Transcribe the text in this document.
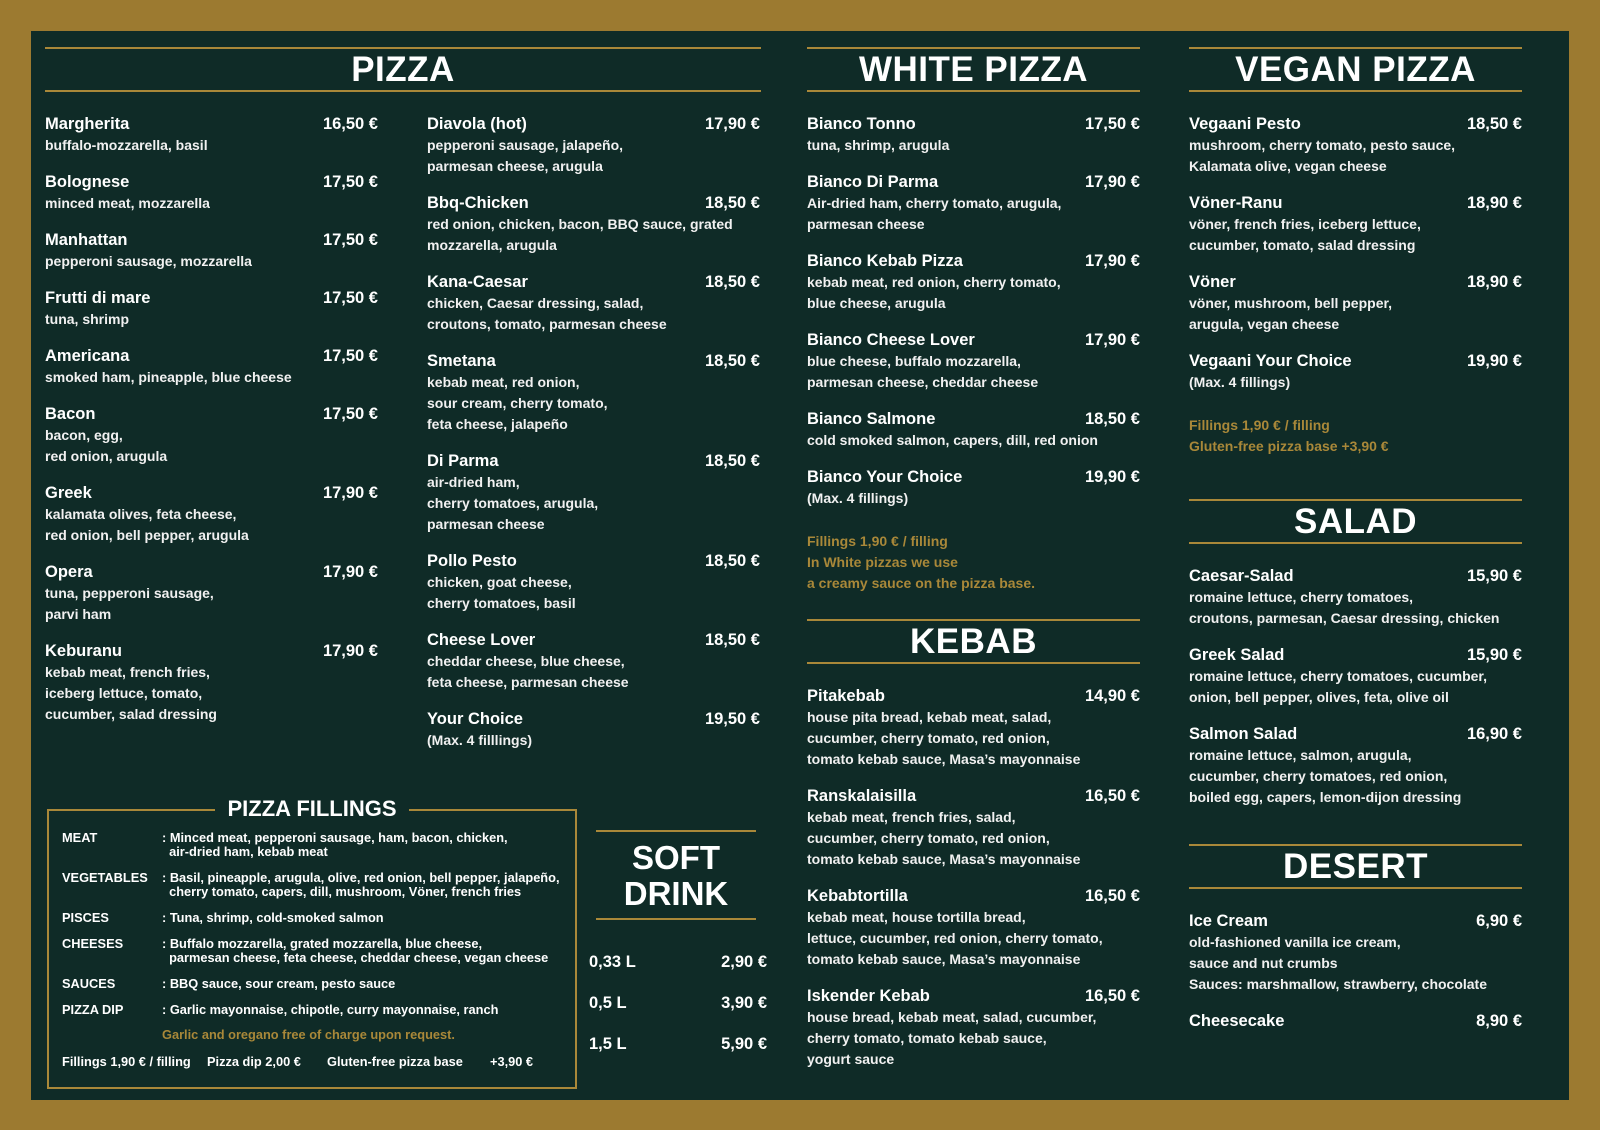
PIZZA
Margherita	16,50 €
buffalo-mozzarella, basil
Bolognese	17,50 €
minced meat, mozzarella
Manhattan	17,50 €
pepperoni sausage, mozzarella
Frutti di mare	17,50 €
tuna, shrimp
Americana	17,50 €
smoked ham, pineapple, blue cheese
Bacon	17,50 €
bacon, egg,
red onion, arugula
Greek	17,90 €
kalamata olives, feta cheese,
red onion, bell pepper, arugula
Opera	17,90 €
tuna, pepperoni sausage,
parvi ham
Keburanu	17,90 €
kebab meat, french fries,
iceberg lettuce, tomato,
cucumber, salad dressing
Diavola (hot)	17,90 €
pepperoni sausage, jalapeño,
parmesan cheese, arugula
Bbq-Chicken	18,50 €
red onion, chicken, bacon, BBQ sauce, grated
mozzarella, arugula
Kana-Caesar	18,50 €
chicken, Caesar dressing, salad,
croutons, tomato, parmesan cheese
Smetana	18,50 €
kebab meat, red onion,
sour cream, cherry tomato,
feta cheese, jalapeño
Di Parma	18,50 €
air-dried ham,
cherry tomatoes, arugula,
parmesan cheese
Pollo Pesto	18,50 €
chicken, goat cheese,
cherry tomatoes, basil
Cheese Lover	18,50 €
cheddar cheese, blue cheese,
feta cheese, parmesan cheese
Your Choice	19,50 €
(Max. 4 filllings)
PIZZA FILLINGS
MEAT	: Minced meat, pepperoni sausage, ham, bacon, chicken,
air-dried ham, kebab meat
VEGETABLES	: Basil, pineapple, arugula, olive, red onion, bell pepper, jalapeño,
cherry tomato, capers, dill, mushroom, Vöner, french fries
PISCES	: Tuna, shrimp, cold-smoked salmon
CHEESES	: Buffalo mozzarella, grated mozzarella, blue cheese,
parmesan cheese, feta cheese, cheddar cheese, vegan cheese
SAUCES	: BBQ sauce, sour cream, pesto sauce
PIZZA DIP	: Garlic mayonnaise, chipotle, curry mayonnaise, ranch
Garlic and oregano free of charge upon request.
Fillings 1,90 € / filling	Pizza dip 2,00 €	Gluten-free pizza base	+3,90 €
SOFT
DRINK
0,33 L	2,90 €
0,5 L	3,90 €
1,5 L	5,90 €
WHITE PIZZA
Bianco Tonno	17,50 €
tuna, shrimp, arugula
Bianco Di Parma	17,90 €
Air-dried ham, cherry tomato, arugula,
parmesan cheese
Bianco Kebab Pizza	17,90 €
kebab meat, red onion, cherry tomato,
blue cheese, arugula
Bianco Cheese Lover	17,90 €
blue cheese, buffalo mozzarella,
parmesan cheese, cheddar cheese
Bianco Salmone	18,50 €
cold smoked salmon, capers, dill, red onion
Bianco Your Choice	19,90 €
(Max. 4 fillings)
Fillings 1,90 € / filling
In White pizzas we use
a creamy sauce on the pizza base.
KEBAB
Pitakebab	14,90 €
house pita bread, kebab meat, salad,
cucumber, cherry tomato, red onion,
tomato kebab sauce, Masa’s mayonnaise
Ranskalaisilla	16,50 €
kebab meat, french fries, salad,
cucumber, cherry tomato, red onion,
tomato kebab sauce, Masa’s mayonnaise
Kebabtortilla	16,50 €
kebab meat, house tortilla bread,
lettuce, cucumber, red onion, cherry tomato,
tomato kebab sauce, Masa’s mayonnaise
Iskender Kebab	16,50 €
house bread, kebab meat, salad, cucumber,
cherry tomato, tomato kebab sauce,
yogurt sauce
VEGAN PIZZA
Vegaani Pesto	18,50 €
mushroom, cherry tomato, pesto sauce,
Kalamata olive, vegan cheese
Vöner-Ranu	18,90 €
vöner, french fries, iceberg lettuce,
cucumber, tomato, salad dressing
Vöner	18,90 €
vöner, mushroom, bell pepper,
arugula, vegan cheese
Vegaani Your Choice	19,90 €
(Max. 4 fillings)
Fillings 1,90 € / filling
Gluten-free pizza base +3,90 €
SALAD
Caesar-Salad	15,90 €
romaine lettuce, cherry tomatoes,
croutons, parmesan, Caesar dressing, chicken
Greek Salad	15,90 €
romaine lettuce, cherry tomatoes, cucumber,
onion, bell pepper, olives, feta, olive oil
Salmon Salad	16,90 €
romaine lettuce, salmon, arugula,
cucumber, cherry tomatoes, red onion,
boiled egg, capers, lemon-dijon dressing
DESERT
Ice Cream	6,90 €
old-fashioned vanilla ice cream,
sauce and nut crumbs
Sauces: marshmallow, strawberry, chocolate
Cheesecake	8,90 €
